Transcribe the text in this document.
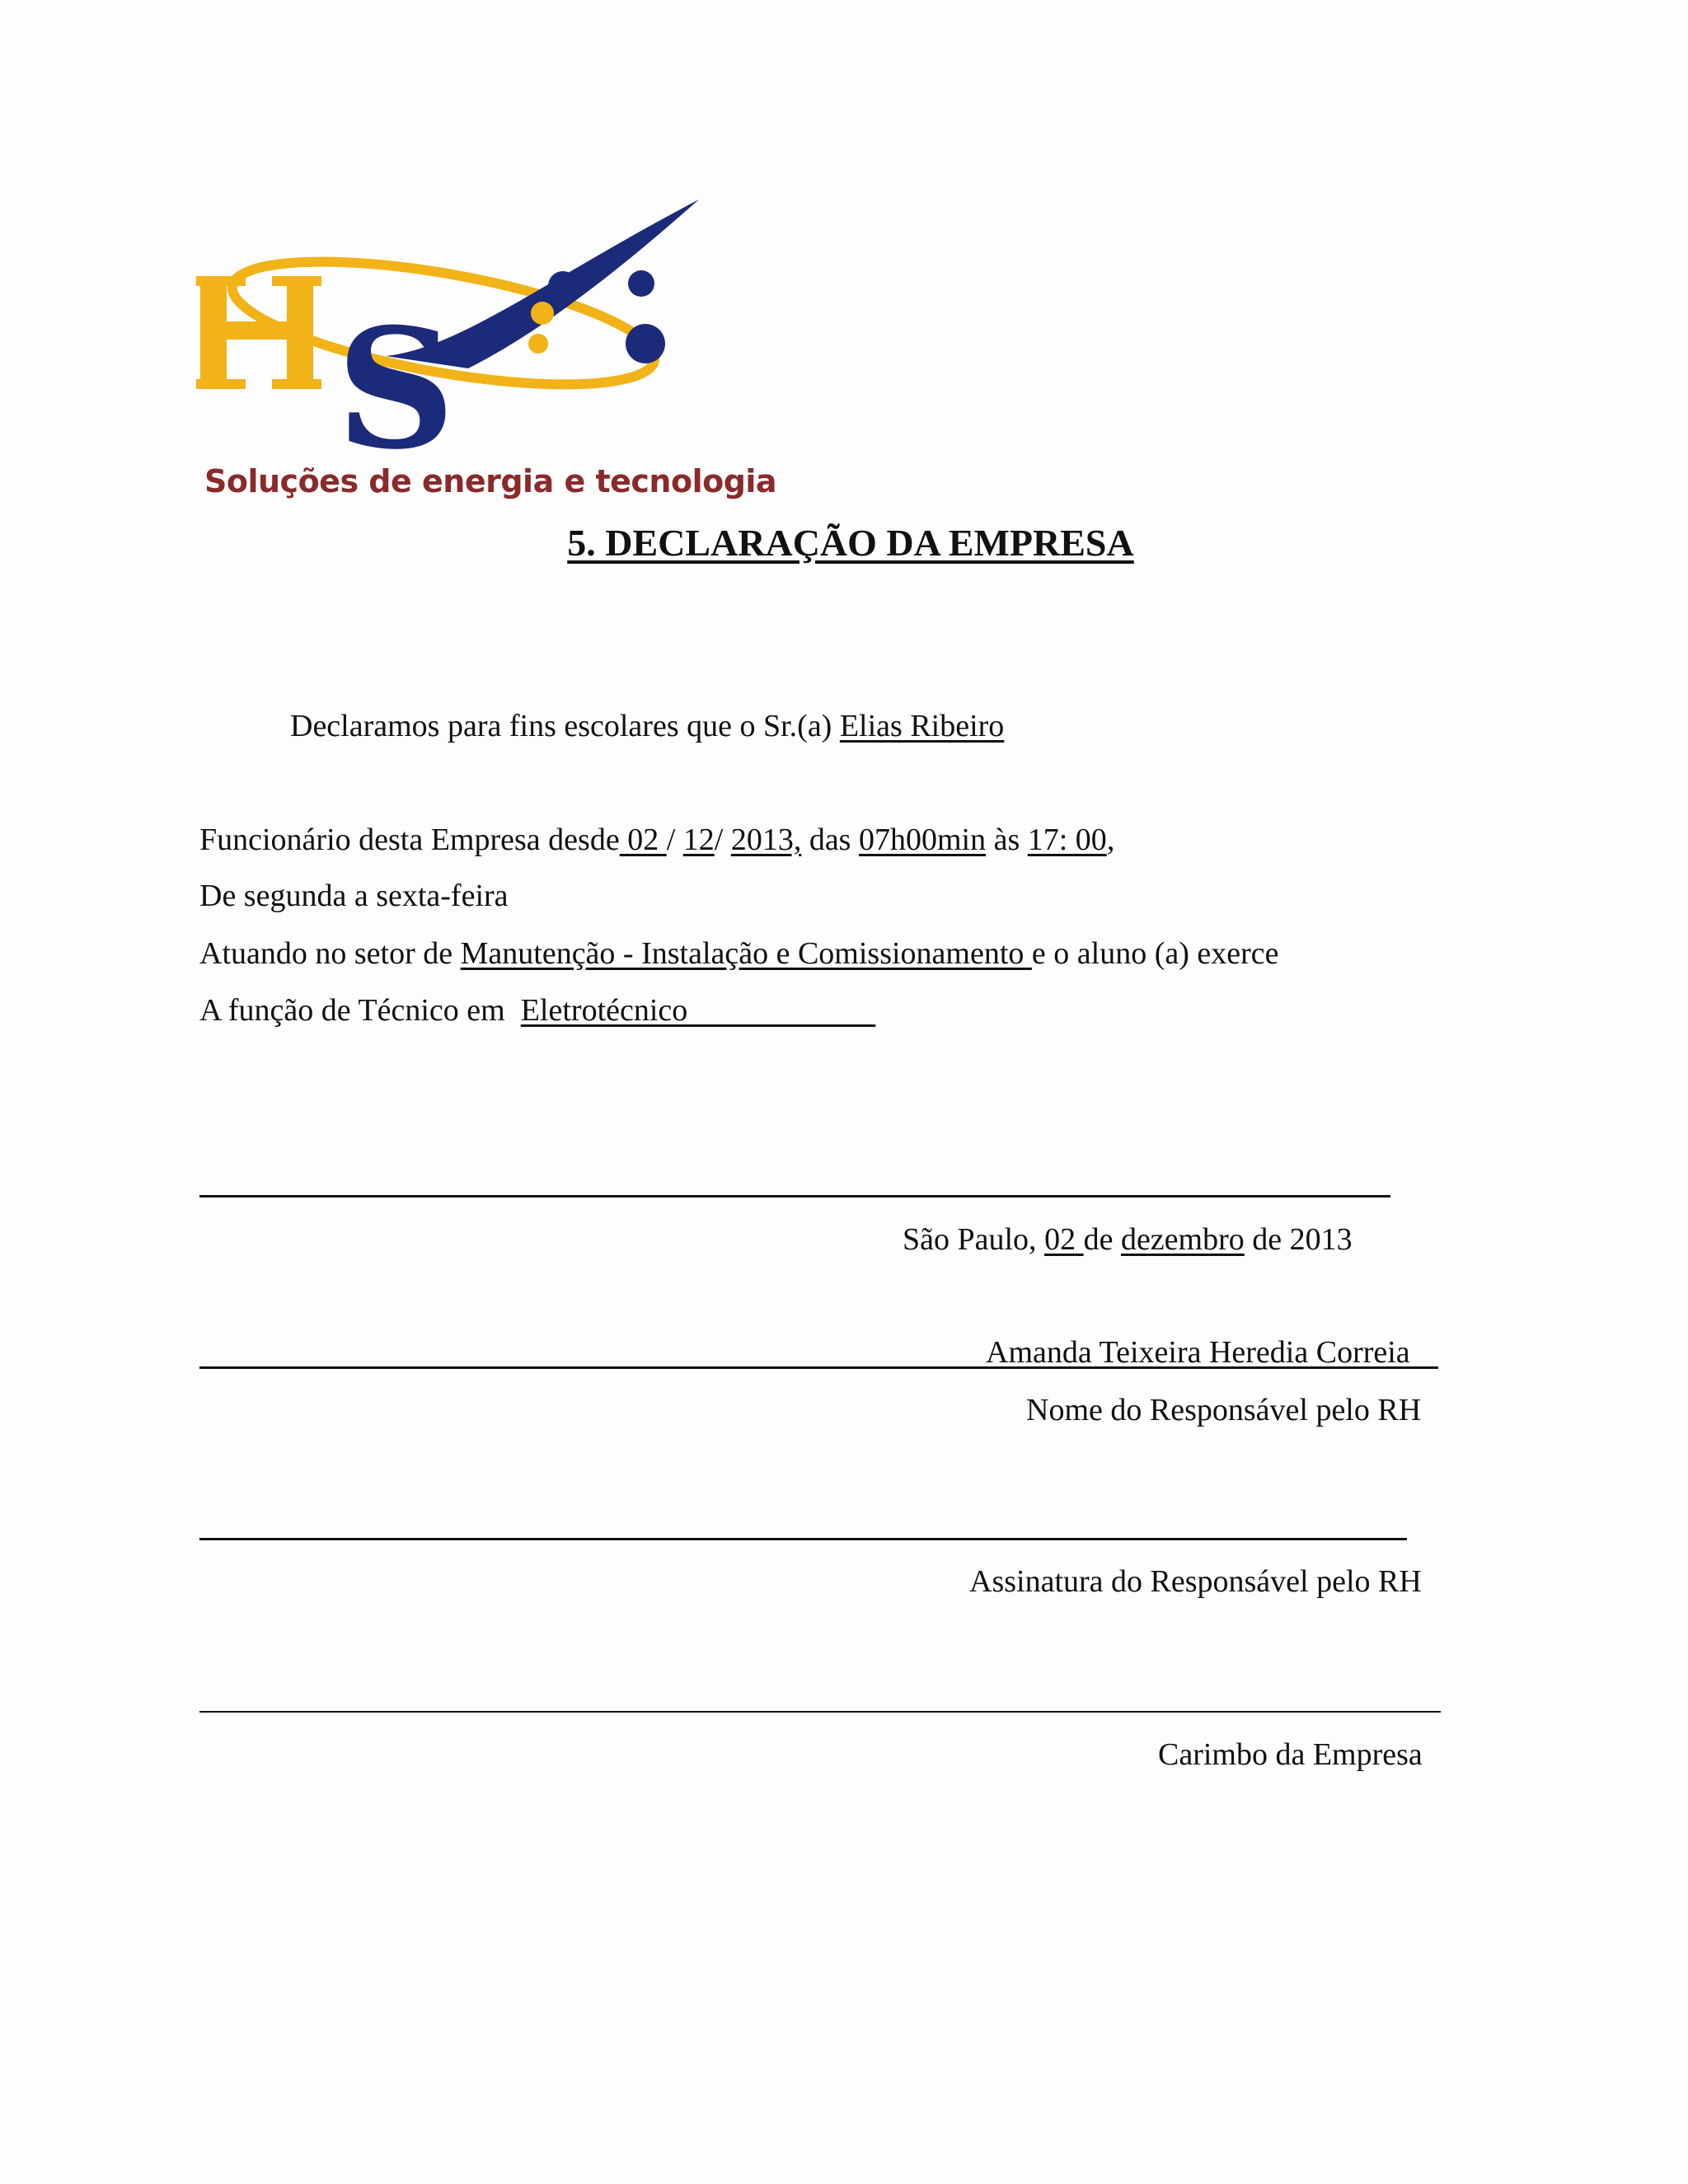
S
Soluções de energia e tecnologia
5. DECLARAÇÃO DA EMPRESA
Declaramos para fins escolares que o Sr.(a) Elias Ribeiro
Funcionário desta Empresa desde 02 / 12/ 2013, das 07h00min às 17: 00,
De segunda a sexta-feira
Atuando no setor de Manutenção - Instalação e Comissionamento e o aluno (a) exerce
A função de Técnico em  Eletrotécnico
São Paulo, 02 de dezembro de 2013
Amanda Teixeira Heredia Correia
Nome do Responsável pelo RH
Assinatura do Responsável pelo RH
Carimbo da Empresa
